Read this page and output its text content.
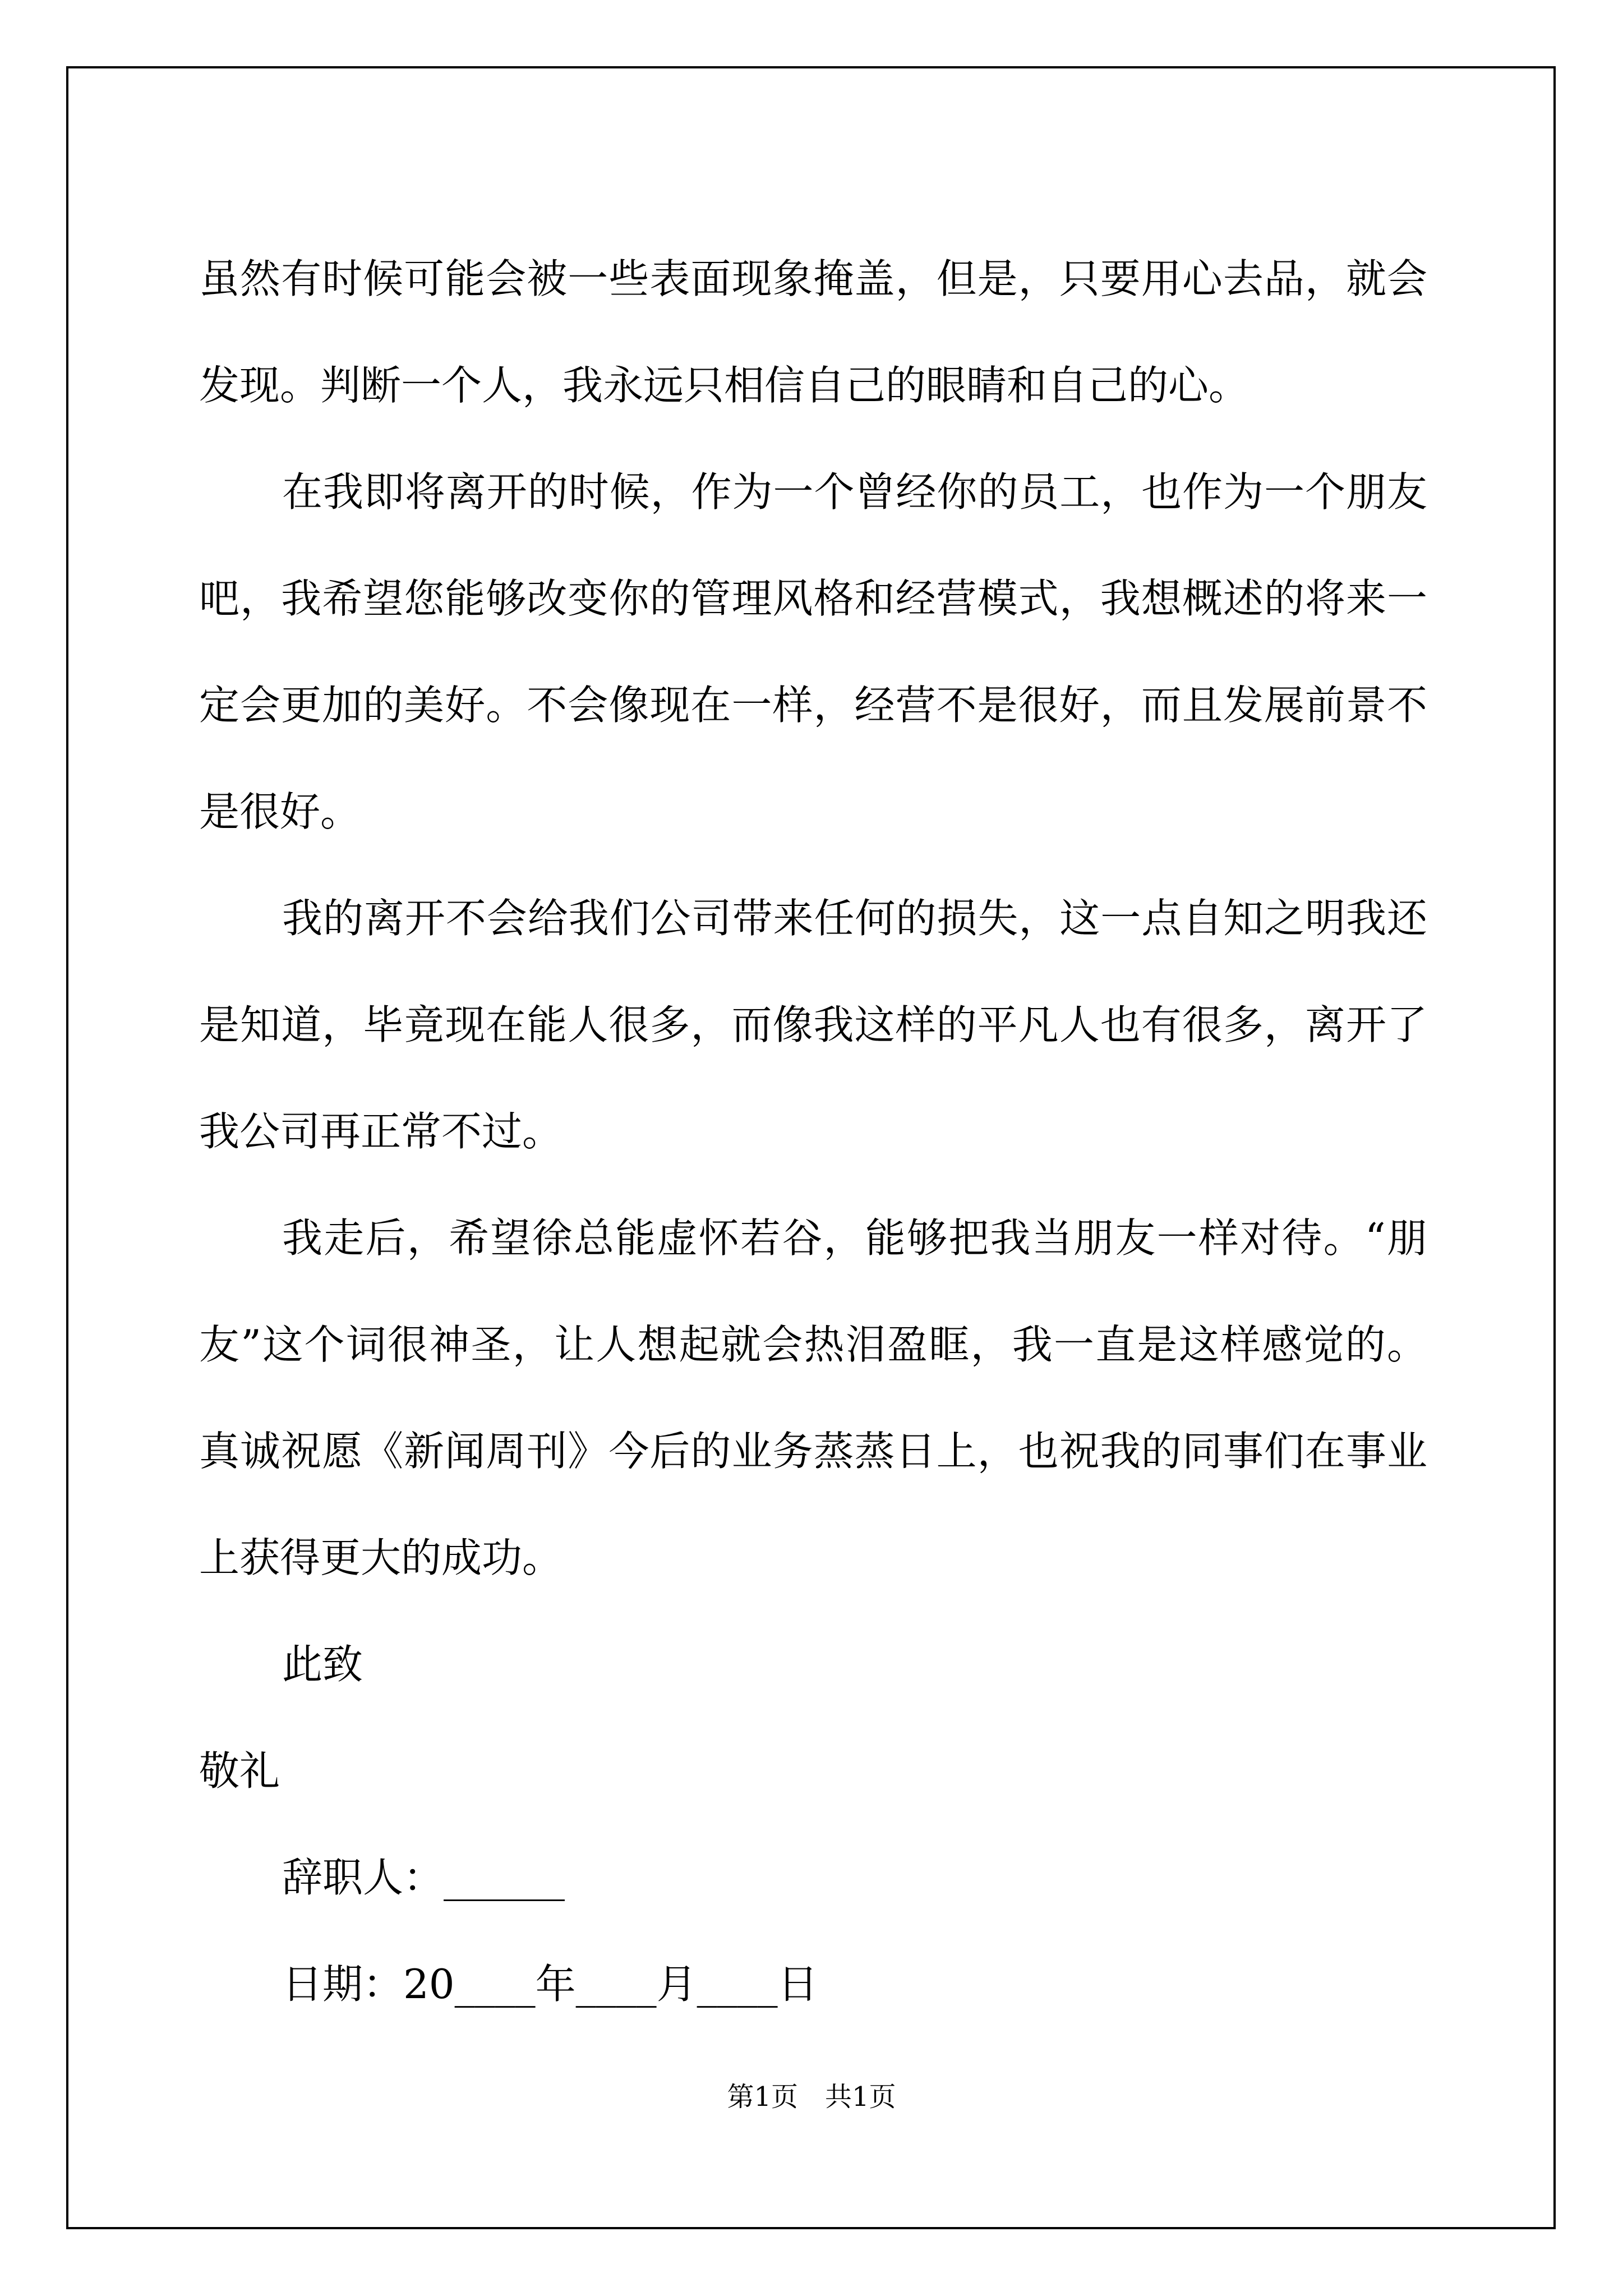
虽然有时候可能会被一些表面现象掩盖，但是，只要用心去品，就会

发现。判断一个人，我永远只相信自己的眼睛和自己的心。

在我即将离开的时候，作为一个曾经你的员工，也作为一个朋友

吧，我希望您能够改变你的管理风格和经营模式，我想概述的将来一

定会更加的美好。不会像现在一样，经营不是很好，而且发展前景不

是很好。

我的离开不会给我们公司带来任何的损失，这一点自知之明我还

是知道，毕竟现在能人很多，而像我这样的平凡人也有很多，离开了

我公司再正常不过。

我走后，希望徐总能虚怀若谷，能够把我当朋友一样对待。“朋

友”这个词很神圣，让人想起就会热泪盈眶，我一直是这样感觉的。

真诚祝愿《新闻周刊》今后的业务蒸蒸日上，也祝我的同事们在事业

上获得更大的成功。

此致

敬礼

辞职人：______

日期：20____年____月____日

第1页 共1页
